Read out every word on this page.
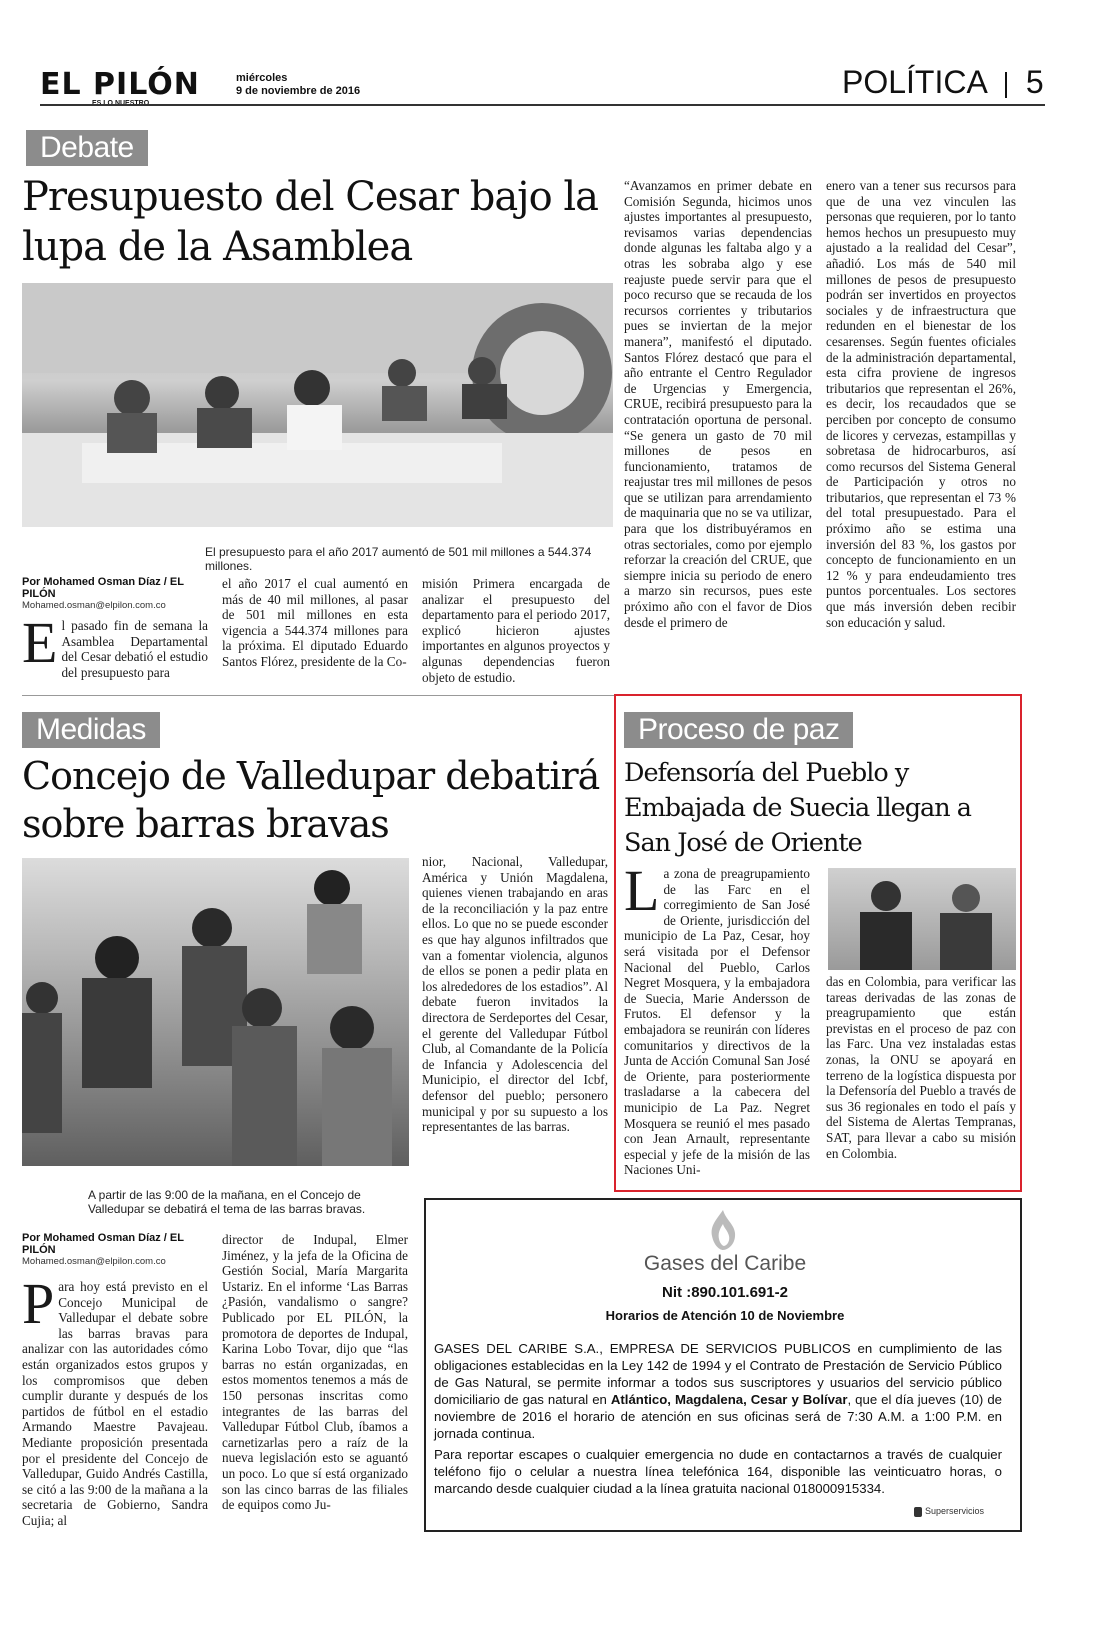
EL PILÓN	miércoles
9 de noviembre de 2016	POLÍTICA 5
Debate
Presupuesto del Cesar bajo la lupa de la Asamblea
El presupuesto para el año 2017 aumentó de 501 mil millones a 544.374 millones.
Por Mohamed Osman Díaz / EL PILÓN
Mohamed.osman@elpilon.com.co
El pasado fin de semana la Asamblea Departamental del Cesar debatió el estudio del presupuesto para
el año 2017 el cual aumentó en más de 40 mil millones, al pasar de 501 mil millones en esta vigencia a 544.374 millones para la próxima. El diputado Eduardo Santos Flórez, presidente de la Co-
misión Primera encargada de analizar el presupuesto del departamento para el periodo 2017, explicó hicieron ajustes importantes en algunos proyectos y algunas dependencias fueron objeto de estudio.
“Avanzamos en primer debate en Comisión Segunda, hicimos unos ajustes importantes al presupuesto, revisamos varias dependencias donde algunas les faltaba algo y a otras les sobraba algo y ese reajuste puede servir para que el poco recurso que se recauda de los recursos corrientes y tributarios pues se inviertan de la mejor manera”, manifestó el diputado. Santos Flórez destacó que para el año entrante el Centro Regulador de Urgencias y Emergencia, CRUE, recibirá presupuesto para la contratación oportuna de personal. “Se genera un gasto de 70 mil millones de pesos en funcionamiento, tratamos de reajustar tres mil millones de pesos que se utilizan para arrendamiento de maquinaria que no se va utilizar, para que los distribuyéramos en otras sectoriales, como por ejemplo reforzar la creación del CRUE, que siempre inicia su periodo de enero a marzo sin recursos, pues este próximo año con el favor de Dios desde el primero de
enero van a tener sus recursos para que de una vez vinculen las personas que requieren, por lo tanto hemos hechos un presupuesto muy ajustado a la realidad del Cesar”, añadió. Los más de 540 mil millones de pesos de presupuesto podrán ser invertidos en proyectos sociales y de infraestructura que redunden en el bienestar de los cesarenses. Según fuentes oficiales de la administración departamental, esta cifra proviene de ingresos tributarios que representan el 26%, es decir, los recaudados que se perciben por concepto de consumo de licores y cervezas, estampillas y sobretasa de hidrocarburos, así como recursos del Sistema General de Participación y otros no tributarios, que representan el 73 % del total presupuestado. Para el próximo año se estima una inversión del 83 %, los gastos por concepto de funcionamiento en un 12 % y para endeudamiento tres puntos porcentuales. Los sectores que más inversión deben recibir son educación y salud.
Medidas
Concejo de Valledupar debatirá sobre barras bravas
A partir de las 9:00 de la mañana, en el Concejo de Valledupar se debatirá el tema de las barras bravas.
nior, Nacional, Valledupar, América y Unión Magdalena, quienes vienen trabajando en aras de la reconciliación y la paz entre ellos. Lo que no se puede esconder es que hay algunos infiltrados que van a fomentar violencia, algunos de ellos se ponen a pedir plata en los alrededores de los estadios”. Al debate fueron invitados la directora de Serdeportes del Cesar, el gerente del Valledupar Fútbol Club, al Comandante de la Policía de Infancia y Adolescencia del Municipio, el director del Icbf, defensor del pueblo; personero municipal y por su supuesto a los representantes de las barras.
Por Mohamed Osman Díaz / EL PILÓN
Mohamed.osman@elpilon.com.co
Para hoy está previsto en el Concejo Municipal de Valledupar el debate sobre las barras bravas para analizar con las autoridades cómo están organizados estos grupos y los compromisos que deben cumplir durante y después de los partidos de fútbol en el estadio Armando Maestre Pavajeau. Mediante proposición presentada por el presidente del Concejo de Valledupar, Guido Andrés Castilla, se citó a las 9:00 de la mañana a la secretaria de Gobierno, Sandra Cujia; al
director de Indupal, Elmer Jiménez, y la jefa de la Oficina de Gestión Social, María Margarita Ustariz. En el informe ‘Las Barras ¿Pasión, vandalismo o sangre? Publicado por EL PILÓN, la promotora de deportes de Indupal, Karina Lobo Tovar, dijo que “las barras no están organizadas, en estos momentos tenemos a más de 150 personas inscritas como integrantes de las barras del Valledupar Fútbol Club, íbamos a carnetizarlas pero a raíz de la nueva legislación esto se aguantó un poco. Lo que sí está organizado son las cinco barras de las filiales de equipos como Ju-
Proceso de paz
Defensoría del Pueblo y Embajada de Suecia llegan a San José de Oriente
La zona de preagrupamiento de las Farc en el corregimiento de San José de Oriente, jurisdicción del municipio de La Paz, Cesar, hoy será visitada por el Defensor Nacional del Pueblo, Carlos Negret Mosquera, y la embajadora de Suecia, Marie Andersson de Frutos. El defensor y la embajadora se reunirán con líderes comunitarios y directivos de la Junta de Acción Comunal San José de Oriente, para posteriormente trasladarse a la cabecera del municipio de La Paz. Negret Mosquera se reunió el mes pasado con Jean Arnault, representante especial y jefe de la misión de las Naciones Uni-
das en Colombia, para verificar las tareas derivadas de las zonas de preagrupamiento que están previstas en el proceso de paz con las Farc. Una vez instaladas estas zonas, la ONU se apoyará en terreno de la logística dispuesta por la Defensoría del Pueblo a través de sus 36 regionales en todo el país y del Sistema de Alertas Tempranas, SAT, para llevar a cabo su misión en Colombia.
Gases del Caribe
Nit :890.101.691-2
Horarios de Atención 10 de Noviembre
GASES DEL CARIBE S.A., EMPRESA DE SERVICIOS PUBLICOS en cumplimiento de las obligaciones establecidas en la Ley 142 de 1994 y el Contrato de Prestación de Servicio Público de Gas Natural, se permite informar a todos sus suscriptores y usuarios del servicio público domiciliario de gas natural en Atlántico, Magdalena, Cesar y Bolívar, que el día jueves (10) de noviembre de 2016 el horario de atención en sus oficinas será de 7:30 A.M. a 1:00 P.M. en jornada continua.
Para reportar escapes o cualquier emergencia no dude en contactarnos a través de cualquier teléfono fijo o celular a nuestra línea telefónica 164, disponible las veinticuatro horas, o marcando desde cualquier ciudad a la línea gratuita nacional 018000915334.
Superservicios
